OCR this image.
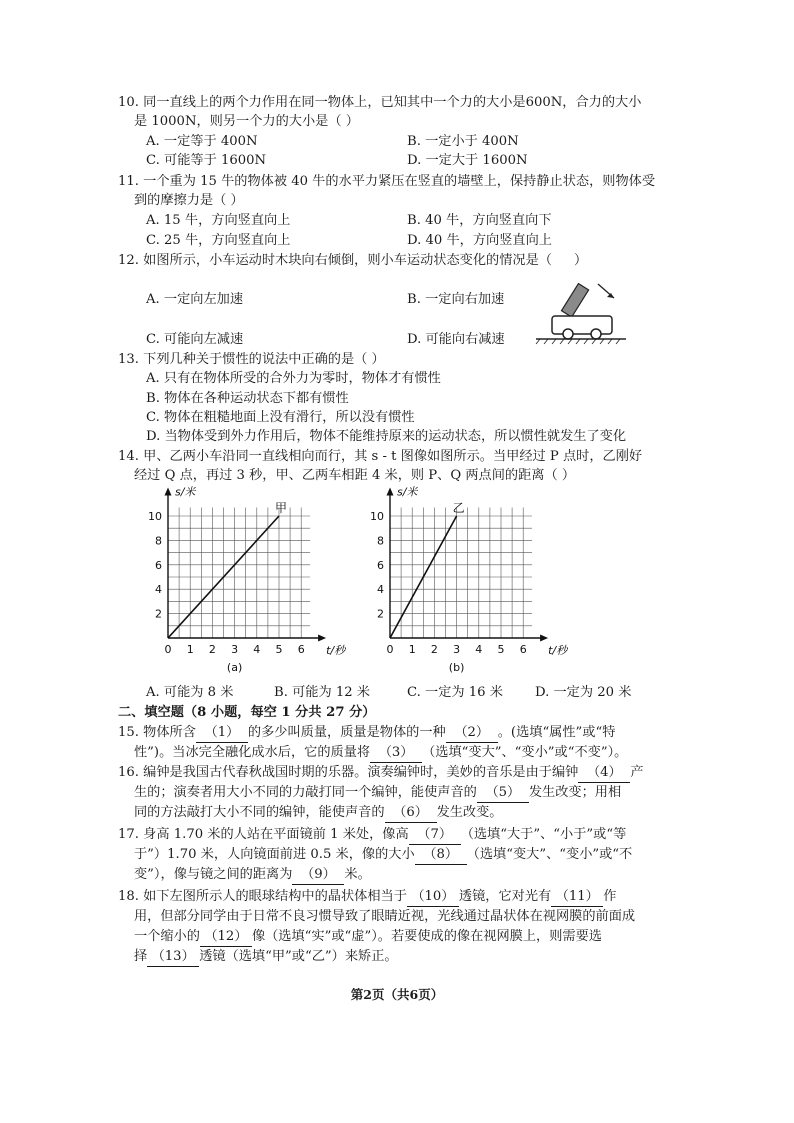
10. 同一直线上的两个力作用在同一物体上，已知其中一个力的大小是600N，合力的大小
是 1000N，则另一个力的大小是（ ）
A. 一定等于 400N	B. 一定小于 400N
C. 可能等于 1600N	D. 一定大于 1600N
11. 一个重为 15 牛的物体被 40 牛的水平力紧压在竖直的墙壁上，保持静止状态，则物体受
到的摩擦力是（ ）
A. 15 牛，方向竖直向上	B. 40 牛，方向竖直向下
C. 25 牛，方向竖直向上	D. 40 牛，方向竖直向上
12. 如图所示，小车运动时木块向右倾倒，则小车运动状态变化的情况是（ ）
A. 一定向左加速	B. 一定向右加速
C. 可能向左减速	D. 可能向右减速
13. 下列几种关于惯性的说法中正确的是（ ）
A. 只有在物体所受的合外力为零时，物体才有惯性
B. 物体在各种运动状态下都有惯性
C. 物体在粗糙地面上没有滑行，所以没有惯性
D. 当物体受到外力作用后，物体不能维持原来的运动状态，所以惯性就发生了变化
14. 甲、乙两小车沿同一直线相向而行，其 s - t 图像如图所示。当甲经过 P 点时，乙刚好
经过 Q 点，再过 3 秒，甲、乙两车相距 4 米，则 P、Q 两点间的距离（ ）
0 1 2 3 4 5 6
2
4
6
8
10
s/米
t/秒
甲
(a)
0 1 2 3 4 5 6
2
4
6
8
10
s/米
t/秒
乙
(b)
A. 可能为 8 米	B. 可能为 12 米	C. 一定为 16 米 D. 一定为 20 米
二、填空题（8 小题，每空 1 分共 27 分）
15. 物体所含 （1） 的多少叫质量，质量是物体的一种 （2） 。(选填“属性”或“特
性”)。当冰完全融化成水后，它的质量将 （3） （选填“变大”、“变小”或“不变”）。
16. 编钟是我国古代春秋战国时期的乐器。演奏编钟时，美妙的音乐是由于编钟 （4） 产
生的；演奏者用大小不同的力敲打同一个编钟，能使声音的 （5） 发生改变；用相
同的方法敲打大小不同的编钟，能使声音的 （6） 发生改变。
17. 身高 1.70 米的人站在平面镜前 1 米处，像高 （7） （选填“大于”、“小于”或“等
于”）1.70 米，人向镜面前进 0.5 米，像的大小 （8） （选填“变大”、“变小”或“不
变”），像与镜之间的距离为 （9） 米。
18. 如下左图所示人的眼球结构中的晶状体相当于 （10） 透镜，它对光有 （11） 作
用，但部分同学由于日常不良习惯导致了眼睛近视，光线通过晶状体在视网膜的前面成
一个缩小的 （12） 像（选填“实”或“虚”）。若要使成的像在视网膜上，则需要选
择 （13） 透镜（选填“甲”或“乙”）来矫正。
第2页（共6页）
